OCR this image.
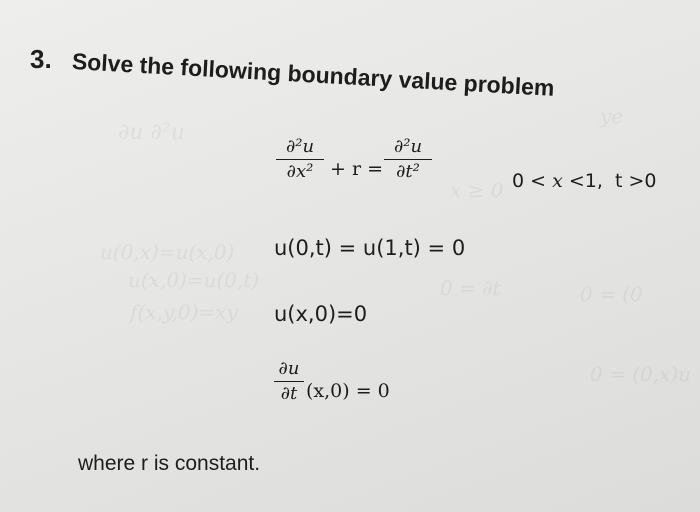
∂u ∂²u
u(0,x)=u(x,0)
u(x,0)=u(0,t)
f(x,y,0)=xy
x ≥ 0
0 = ∂t	0 = (0
0 = (0,x)u
ye
3. Solve the following boundary value problem
∂²u
∂x² + r =
∂²u
∂t²	0 < x <1, t >0
u(0,t) = u(1,t) = 0
u(x,0)=0
∂u
∂t (x,0) = 0
where r is constant.
